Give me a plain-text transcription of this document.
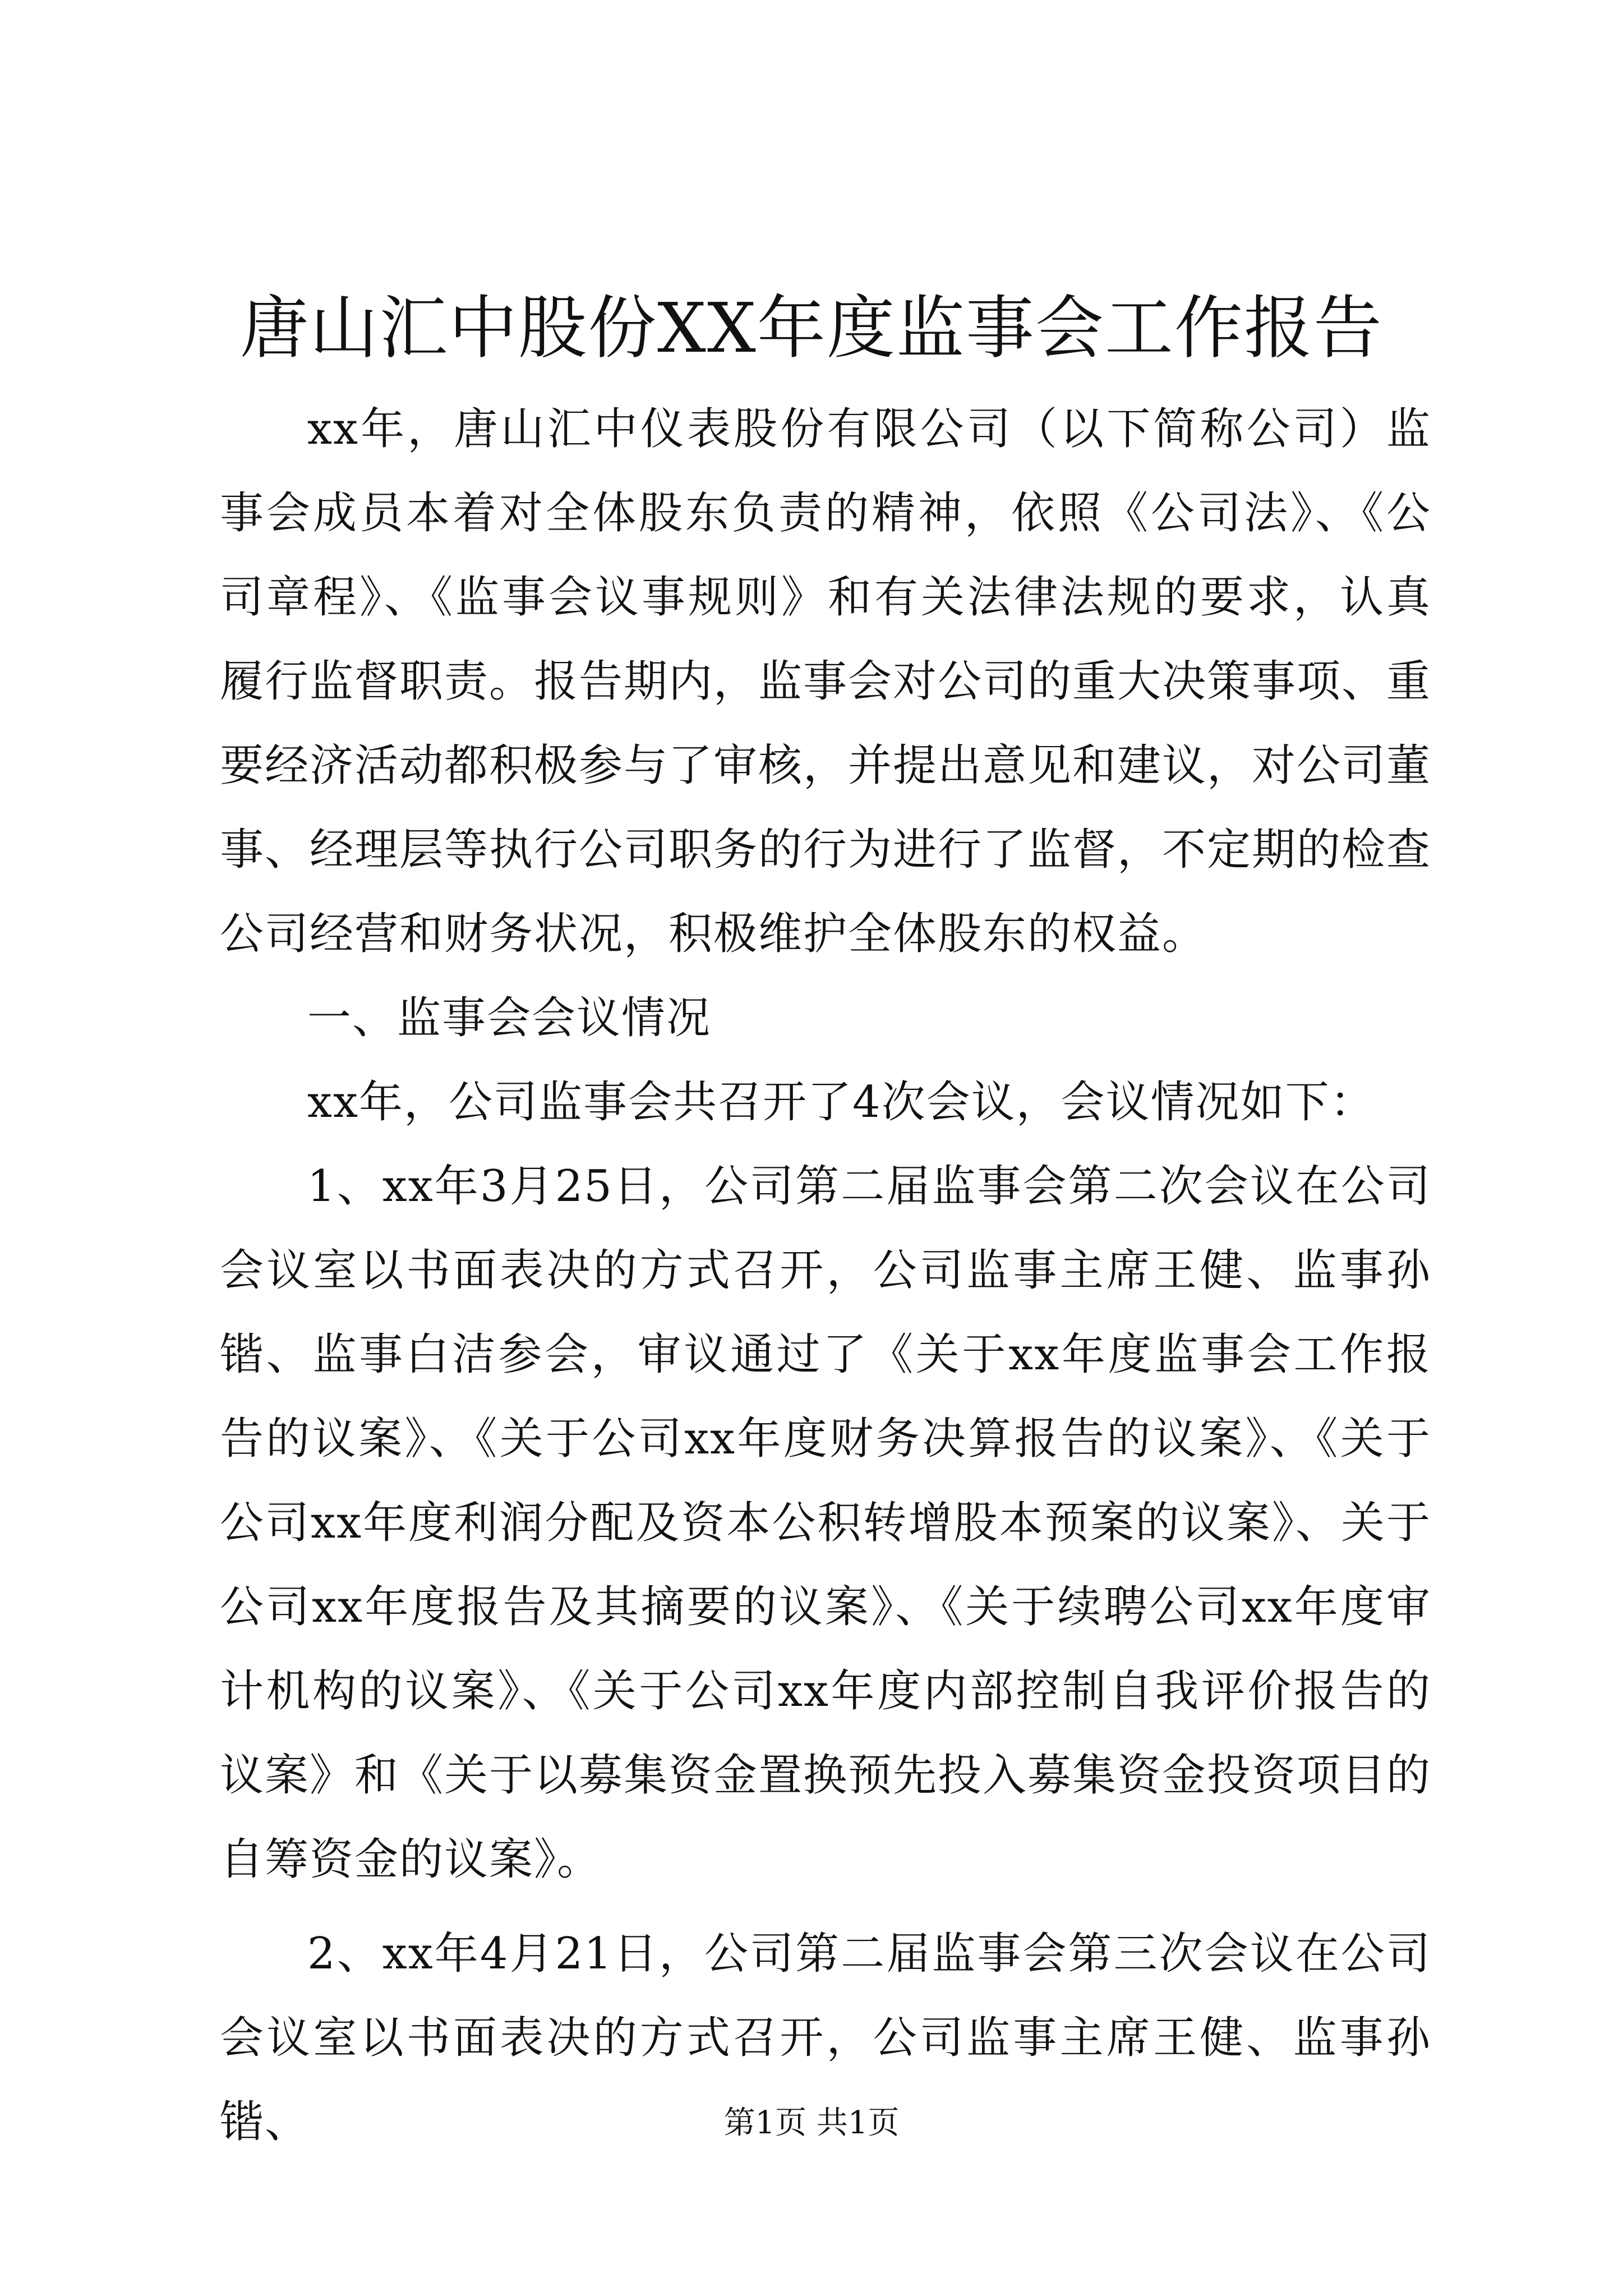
唐山汇中股份XX年度监事会工作报告

xx年，唐山汇中仪表股份有限公司（以下简称公司）监事会成员本着对全体股东负责的精神，依照《公司法》、《公司章程》、《监事会议事规则》和有关法律法规的要求，认真履行监督职责。报告期内，监事会对公司的重大决策事项、重要经济活动都积极参与了审核，并提出意见和建议，对公司董事、经理层等执行公司职务的行为进行了监督，不定期的检查公司经营和财务状况，积极维护全体股东的权益。

一、监事会会议情况

xx年，公司监事会共召开了4次会议，会议情况如下：

1、xx年3月25日，公司第二届监事会第二次会议在公司会议室以书面表决的方式召开，公司监事主席王健、监事孙锴、监事白洁参会，审议通过了《关于xx年度监事会工作报告的议案》、《关于公司xx年度财务决算报告的议案》、《关于公司xx年度利润分配及资本公积转增股本预案的议案》、关于公司xx年度报告及其摘要的议案》、《关于续聘公司xx年度审计机构的议案》、《关于公司xx年度内部控制自我评价报告的议案》和《关于以募集资金置换预先投入募集资金投资项目的自筹资金的议案》。

2、xx年4月21日，公司第二届监事会第三次会议在公司会议室以书面表决的方式召开，公司监事主席王健、监事孙锴、	第1页 共1页
